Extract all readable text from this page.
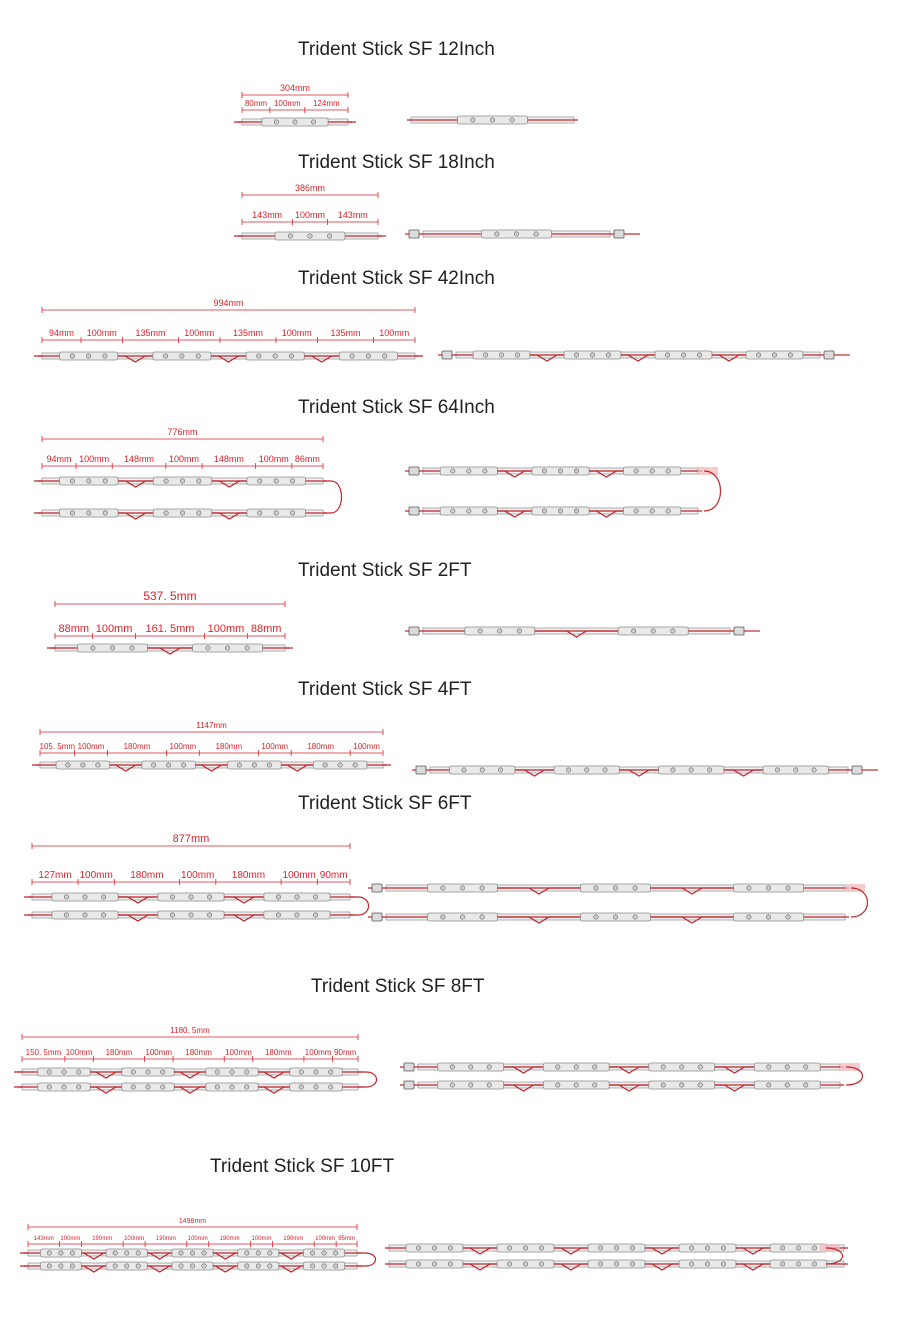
Trident Stick SF 12Inch
304mm
80mm 100mm 124mm
Trident Stick SF 18Inch
386mm
143mm 100mm 143mm
Trident Stick SF 42Inch
994mm
94mm 100mm 135mm 100mm 135mm 100mm 135mm 100mm
Trident Stick SF 64Inch
776mm
94mm 100mm 148mm 100mm 148mm 100mm 86mm
Trident Stick SF 2FT
537. 5mm
88mm 100mm 161. 5mm 100mm 88mm
Trident Stick SF 4FT
1147mm
105. 5mm 100mm 180mm 100mm 180mm 100mm 180mm 100mm
Trident Stick SF 6FT
877mm
127mm 100mm 180mm 100mm 180mm 100mm 90mm
Trident Stick SF 8FT
1180. 5mm
150. 5mm 100mm 180mm 100mm 180mm 100mm 180mm 100mm 90mm
Trident Stick SF 10FT
1498mm
143mm 100mm 190mm 100mm 190mm 100mm 190mm 100mm 190mm 100mm 95mm
